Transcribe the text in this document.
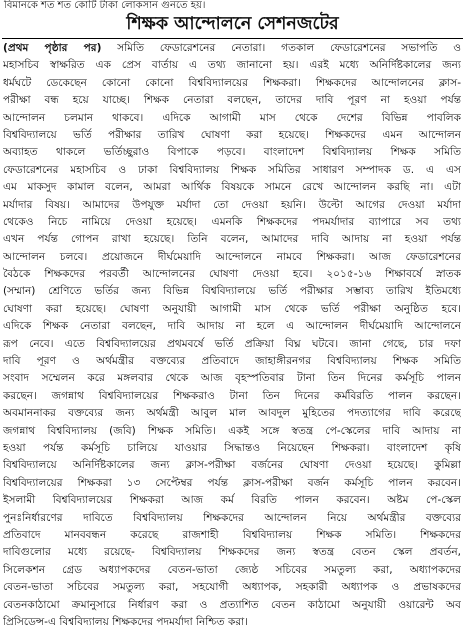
বিমানকে শত শত কোটি টাকা লোকসান গুনতে হয়।
শিক্ষক আন্দোলনে সেশনজটের
(প্রথম পৃষ্ঠার পর) সমিতি ফেডারেশনের নেতারা। গতকাল ফেডারেশনের সভাপতি ও
মহাসচিব স্বাক্ষরিত এক প্রেস বার্তায় এ তথ্য জানানো হয়। এরই মধ্যে অনির্দিষ্টকালের জন্য
ধর্মঘটে ডেকেছেন কোনো কোনো বিশ্ববিদ্যালয়ের শিক্ষকরা। শিক্ষকদের আন্দোলনের ক্লাস-
পরীক্ষা বন্ধ হয়ে যাচ্ছে। শিক্ষক নেতারা বলছেন, তাদের দাবি পূরণ না হওয়া পর্যন্ত
আন্দোলন চলমান থাকবে। এদিকে আগামী মাস থেকে দেশের বিভিন্ন পাবলিক
বিশ্ববিদ্যালয়ে ভর্তি পরীক্ষার তারিখ ঘোষণা করা হয়েছে। শিক্ষকদের এমন আন্দোলন
অব্যাহত থাকলে ভর্তিচ্ছুরাও বিপাকে পড়বে। বাংলাদেশ বিশ্ববিদ্যালয় শিক্ষক সমিতি
ফেডারেশনের মহাসচিব ও ঢাকা বিশ্ববিদ্যালয় শিক্ষক সমিতির সাধারণ সম্পাদক ড. এ এস
এম মাকসুদ কামাল বলেন, আমরা আর্থিক বিষয়কে সামনে রেখে আন্দোলন করছি না। এটা
মর্যাদার বিষয়। আমাদের উপযুক্ত মর্যাদা তো দেওয়া হয়নি। উল্টো আগের দেওয়া মর্যাদা
থেকেও নিচে নামিয়ে দেওয়া হয়েছে। এমনকি শিক্ষকদের পদমর্যাদার ব্যাপারে সব তথ্য
এখন পর্যন্ত গোপন রাখা হয়েছে। তিনি বলেন, আমাদের দাবি আদায় না হওয়া পর্যন্ত
আন্দোলন চলবে। প্রয়োজনে দীর্ঘমেয়াদি আন্দোলনে নামবে শিক্ষকরা। আজ ফেডারেশনের
বৈঠকে শিক্ষকদের পরবর্তী আন্দোলনের ঘোষণা দেওয়া হবে। ২০১৫-১৬ শিক্ষাবর্ষে স্নাতক
(সম্মান) শ্রেণিতে ভর্তির জন্য বিভিন্ন বিশ্ববিদ্যালয়ে ভর্তি পরীক্ষার সম্ভাব্য তারিখ ইতিমধ্যে
ঘোষণা করা হয়েছে। ঘোষণা অনুযায়ী আগামী মাস থেকে ভর্তি পরীক্ষা অনুষ্ঠিত হবে।
এদিকে শিক্ষক নেতারা বলছেন, দাবি আদায় না হলে এ আন্দোলন দীর্ঘমেয়াদি আন্দোলনে
রূপ নেবে। এতে বিশ্ববিদ্যালয়ের প্রথমবর্ষে ভর্তি প্রক্রিয়া বিঘ্ন ঘটবে। জানা গেছে, চার দফা
দাবি পূরণ ও অর্থমন্ত্রীর বক্তব্যের প্রতিবাদে জাহাঙ্গীরনগর বিশ্ববিদ্যালয় শিক্ষক সমিতি
সংবাদ সম্মেলন করে মঙ্গলবার থেকে আজ বৃহস্পতিবার টানা তিন দিনের কর্মসূচি পালন
করছেন। জগন্নাথ বিশ্ববিদ্যালয়ের শিক্ষকরাও টানা তিন দিনের কর্মবিরতি পালন করছেন।
অবমাননাকর বক্তব্যের জন্য অর্থমন্ত্রী আবুল মাল আবদুল মুহিতের পদত্যাগের দাবি করেছে
জগন্নাথ বিশ্ববিদ্যালয় (জবি) শিক্ষক সমিতি। একই সঙ্গে স্বতন্ত্র পে-স্কেলের দাবি আদায় না
হওয়া পর্যন্ত কর্মসূচি চালিয়ে যাওয়ার সিদ্ধান্তও নিয়েছেন শিক্ষকরা। বাংলাদেশ কৃষি
বিশ্ববিদ্যালয়ে অনির্দিষ্টকালের জন্য ক্লাস-পরীক্ষা বর্জনের ঘোষণা দেওয়া হয়েছে। কুমিল্লা
বিশ্ববিদ্যালয়ের শিক্ষকরা ১৩ সেপ্টেম্বর পর্যন্ত ক্লাস-পরীক্ষা বর্জন কর্মসূচি পালন করবেন।
ইসলামী বিশ্ববিদ্যালয়ের শিক্ষকরা আজ কর্ম বিরতি পালন করবেন। অষ্টম পে-স্কেল
পুনঃনির্ধারণের দাবিতে বিশ্ববিদ্যালয় শিক্ষকদের আন্দোলন নিয়ে অর্থমন্ত্রীর বক্তব্যের
প্রতিবাদে মানববন্ধন করেছে রাজশাহী বিশ্ববিদ্যালয় শিক্ষক সমিতি। শিক্ষকদের
দাবিগুলোর মধ্যে রয়েছে- বিশ্ববিদ্যালয় শিক্ষকদের জন্য স্বতন্ত্র বেতন স্কেল প্রবর্তন,
সিলেকশন গ্রেড অধ্যাপকদের বেতন-ভাতা জ্যেষ্ঠ সচিবের সমতুল্য করা, অধ্যাপকদের
বেতন-ভাতা সচিবের সমতুল্য করা, সহযোগী অধ্যাপক, সহকারী অধ্যাপক ও প্রভাষকদের
বেতনকাঠামো ক্রমানুসারে নির্ধারণ করা ও প্রত্যাশিত বেতন কাঠামো অনুযায়ী ওয়ারেন্ট অব
প্রিসিডেন্স-এ বিশ্ববিদ্যালয় শিক্ষকদের পদমর্যাদা নিশ্চিত করা।
